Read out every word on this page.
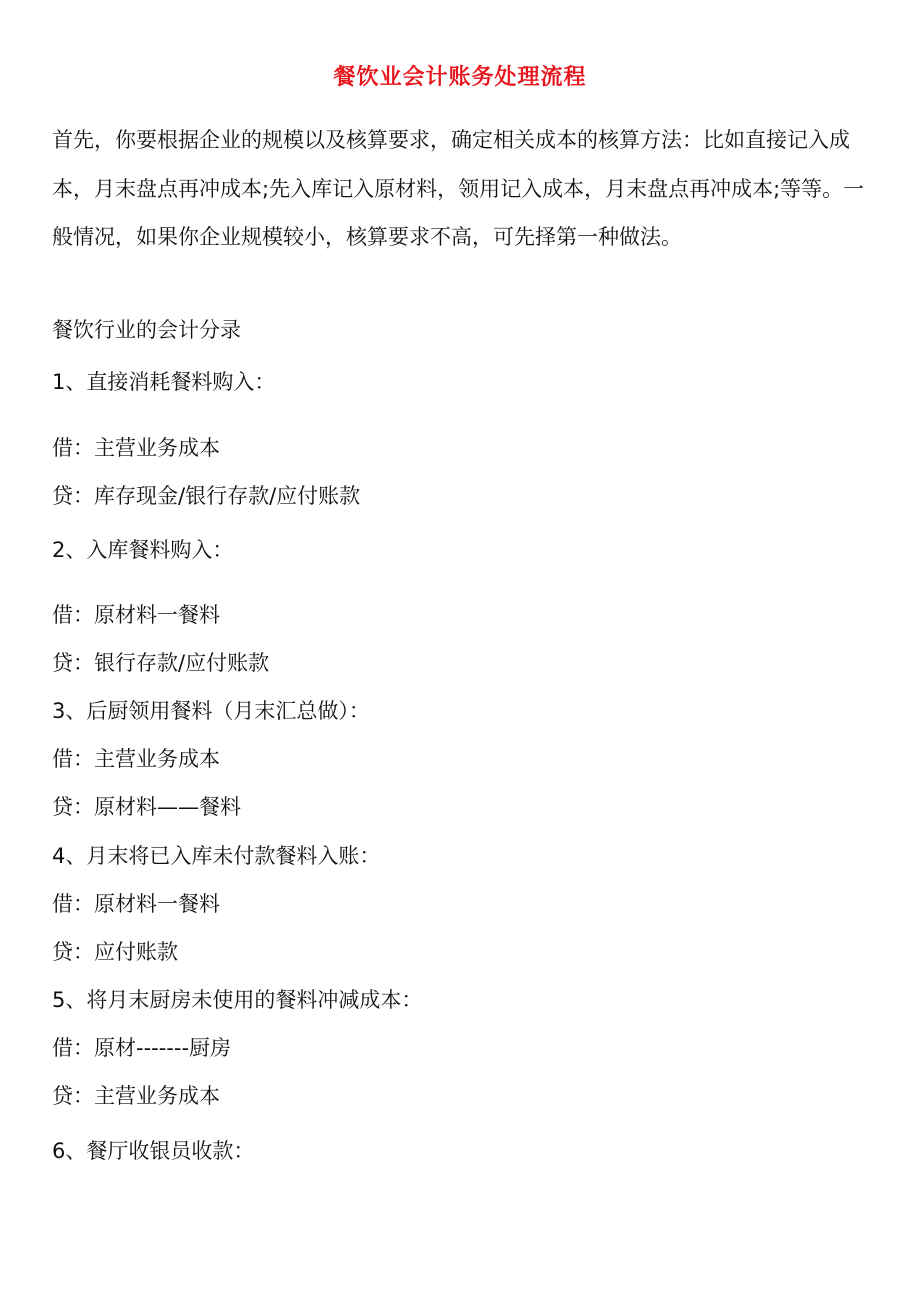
餐饮业会计账务处理流程

首先，你要根据企业的规模以及核算要求，确定相关成本的核算方法：比如直接记入成本，月末盘点再冲成本;先入库记入原材料，领用记入成本，月末盘点再冲成本;等等。一般情况，如果你企业规模较小，核算要求不高，可先择第一种做法。

餐饮行业的会计分录
1、直接消耗餐料购入：
借：主营业务成本
贷：库存现金/银行存款/应付账款
2、入库餐料购入：
借：原材料一餐料
贷：银行存款/应付账款
3、后厨领用餐料（月末汇总做）：
借：主营业务成本
贷：原材料——餐料
4、月末将已入库未付款餐料入账：
借：原材料一餐料
贷：应付账款
5、将月末厨房未使用的餐料冲减成本：
借：原材-------厨房
贷：主营业务成本
6、餐厅收银员收款：
